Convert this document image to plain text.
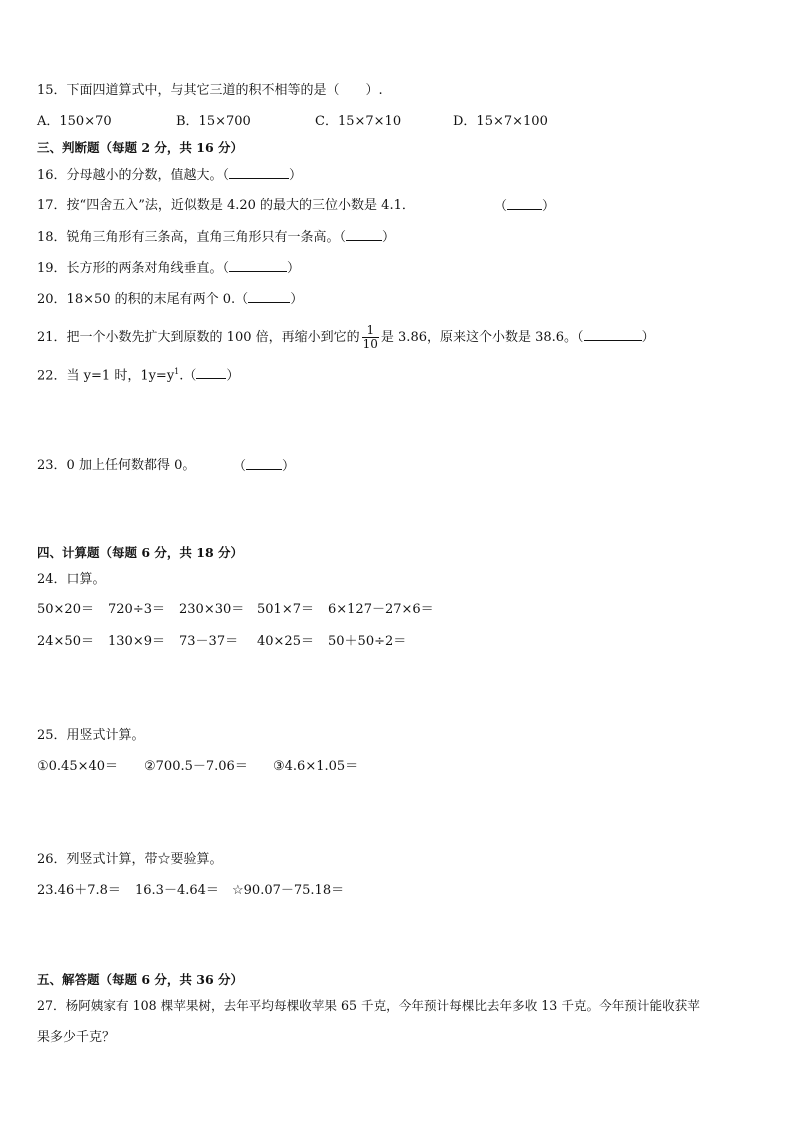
15．下面四道算式中，与其它三道的积不相等的是（　　）.
A．150×70	B．15×700	C．15×7×10	D．15×7×100
三、判断题（每题 2 分，共 16 分）
16．分母越小的分数，值越大。（	）
17．按“四舍五入”法，近似数是 4.20 的最大的三位小数是 4.1．	（	）
18．锐角三角形有三条高，直角三角形只有一条高。（	）
19．长方形的两条对角线垂直。（	）
20．18×50 的积的末尾有两个 0.（	）
21．把一个小数先扩大到原数的 100 倍，再缩小到它的 $\frac{1}{10}$ 是 3.86，原来这个小数是 38.6。（	）
22．当 y=1 时，$1y=y^1$.（ ）
23．0 加上任何数都得 0。	（	）
四、计算题（每题 6 分，共 18 分）
24．口算。
50×20＝ 720÷3＝ 230×30＝ 501×7＝ 6×127－27×6＝
24×50＝ 130×9＝ 73－37＝ 40×25＝ 50＋50÷2＝
25．用竖式计算。
①0.45×40＝ ②700.5－7.06＝ ③4.6×1.05＝
26．列竖式计算，带☆要验算。
23.46＋7.8＝ 16.3－4.64＝ ☆90.07－75.18＝
五、解答题（每题 6 分，共 36 分）
27．杨阿姨家有 108 棵苹果树，去年平均每棵收苹果 65 千克，今年预计每棵比去年多收 13 千克。今年预计能收获苹
果多少千克？
